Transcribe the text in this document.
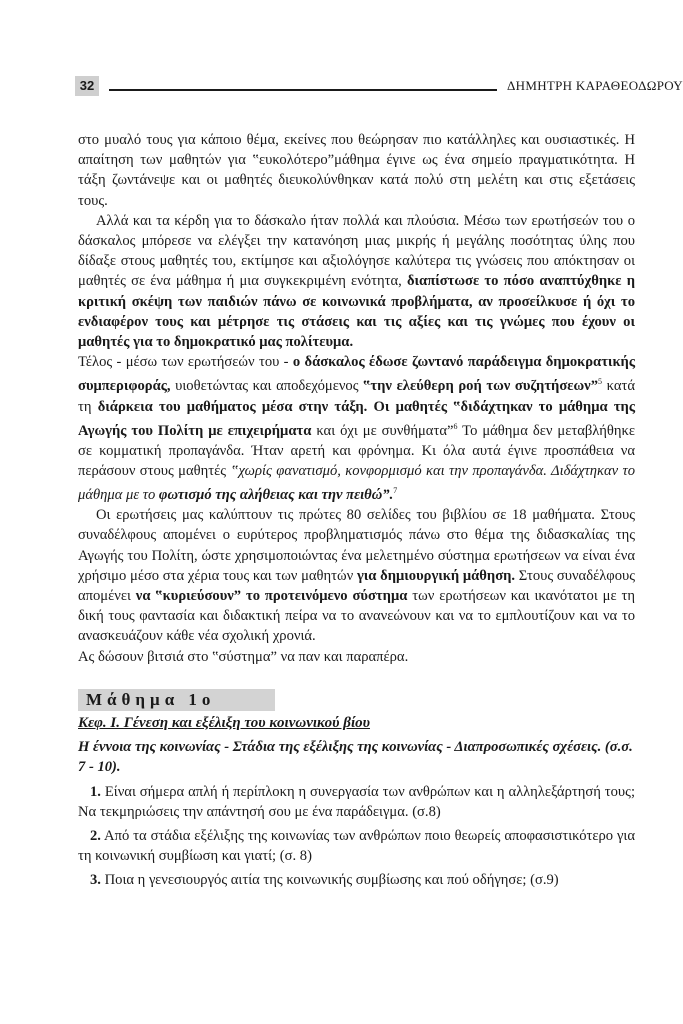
32	ΔΗΜΗΤΡΗ ΚΑΡΑΘΕΟΔΩΡΟΥ

στο μυαλό τους για κάποιο θέμα, εκείνες που θεώρησαν πιο κατάλληλες και ουσιαστικές. Η απαίτηση των μαθητών για ‟ευκολότερο”μάθημα έγινε ως ένα σημείο πραγματικότητα. Η τάξη ζωντάνεψε και οι μαθητές διευκολύνθηκαν κατά πολύ στη μελέτη και στις εξετάσεις τους.

Αλλά και τα κέρδη για το δάσκαλο ήταν πολλά και πλούσια. Μέσω των ερωτήσεών του ο δάσκαλος μπόρεσε να ελέγξει την κατανόηση μιας μικρής ή μεγάλης ποσότητας ύλης που δίδαξε στους μαθητές του, εκτίμησε και αξιολόγησε καλύτερα τις γνώσεις που απόκτησαν οι μαθητές σε ένα μάθημα ή μια συγκεκριμένη ενότητα, διαπίστωσε το πόσο αναπτύχθηκε η κριτική σκέψη των παιδιών πάνω σε κοινωνικά προβλήματα, αν προσείλκυσε ή όχι το ενδιαφέρον τους και μέτρησε τις στάσεις και τις αξίες και τις γνώμες που έχουν οι μαθητές για το δημοκρατικό μας πολίτευμα.

Τέλος - μέσω των ερωτήσεών του - ο δάσκαλος έδωσε ζωντανό παράδειγμα δημοκρατικής συμπεριφοράς, υιοθετώντας και αποδεχόμενος ‟την ελεύθερη ροή των συζητήσεων”$^5$ κατά τη διάρκεια του μαθήματος μέσα στην τάξη. Οι μαθητές ‟διδάχτηκαν το μάθημα της Αγωγής του Πολίτη με επιχειρήματα και όχι με συνθήματα”$^6$ Το μάθημα δεν μεταβλήθηκε σε κομματική προπαγάνδα. Ήταν αρετή και φρόνημα. Κι όλα αυτά έγινε προσπάθεια να περάσουν στους μαθητές ‟χωρίς φανατισμό, κονφορμισμό και την προπαγάνδα. Διδάχτηκαν το μάθημα με το φωτισμό της αλήθειας και την πειθώ”.$^7$

Οι ερωτήσεις μας καλύπτουν τις πρώτες 80 σελίδες του βιβλίου σε 18 μαθήματα. Στους συναδέλφους απομένει ο ευρύτερος προβληματισμός πάνω στο θέμα της διδασκαλίας της Αγωγής του Πολίτη, ώστε χρησιμοποιώντας ένα μελετημένο σύστημα ερωτήσεων να είναι ένα χρήσιμο μέσο στα χέρια τους και των μαθητών για δημιουργική μάθηση. Στους συναδέλφους απομένει να ‟κυριεύσουν” το προτεινόμενο σύστημα των ερωτήσεων και ικανότατοι με τη δική τους φαντασία και διδακτική πείρα να το ανανεώνουν και να το εμπλουτίζουν και να το ανασκευάζουν κάθε νέα σχολική χρονιά.

Ας δώσουν βιτσιά στο ‟σύστημα” να παν και παραπέρα.

Μάθημα 1ο

Κεφ. Ι. Γένεση και εξέλιξη του κοινωνικού βίου

Η έννοια της κοινωνίας - Στάδια της εξέλιξης της κοινωνίας - Διαπροσωπικές σχέσεις. (σ.σ. 7 - 10).

1. Είναι σήμερα απλή ή περίπλοκη η συνεργασία των ανθρώπων και η αλληλεξάρτησή τους; Να τεκμηριώσεις την απάντησή σου με ένα παράδειγμα. (σ.8)

2. Από τα στάδια εξέλιξης της κοινωνίας των ανθρώπων ποιο θεωρείς αποφασιστικότερο για τη κοινωνική συμβίωση και γιατί; (σ. 8)

3. Ποια η γενεσιουργός αιτία της κοινωνικής συμβίωσης και πού οδήγησε; (σ.9)
